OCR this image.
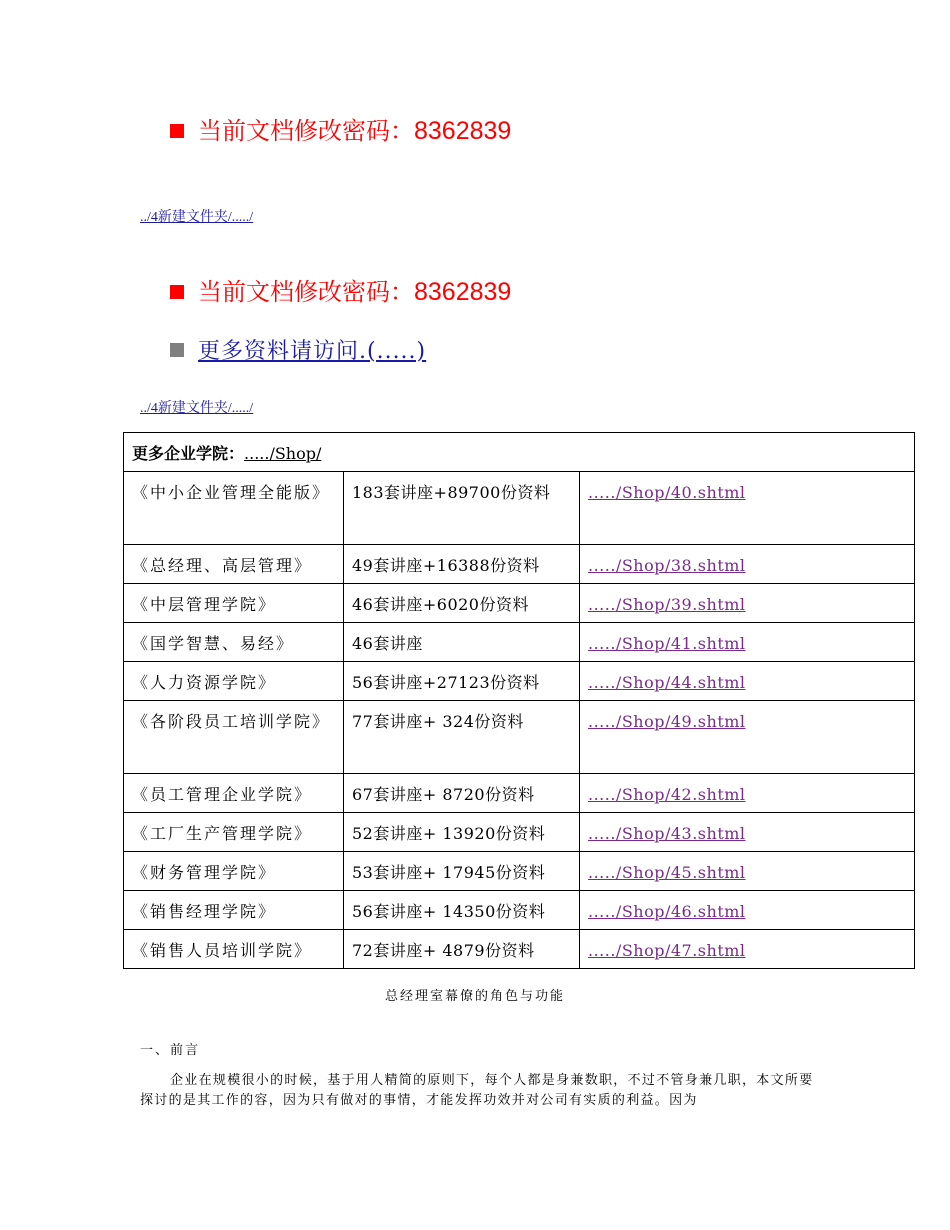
当前文档修改密码：8362839
../4新建文件夹/...../
当前文档修改密码：8362839
更多资料请访问.(.....)
../4新建文件夹/...../
更多企业学院：...../Shop/		
《中小企业管理全能版》	183套讲座+89700份资料	...../Shop/40.shtml
《总经理、高层管理》	49套讲座+16388份资料	...../Shop/38.shtml
《中层管理学院》	46套讲座+6020份资料	...../Shop/39.shtml
《国学智慧、易经》	46套讲座	...../Shop/41.shtml
《人力资源学院》	56套讲座+27123份资料	...../Shop/44.shtml
《各阶段员工培训学院》	77套讲座+ 324份资料	...../Shop/49.shtml
《员工管理企业学院》	67套讲座+ 8720份资料	...../Shop/42.shtml
《工厂生产管理学院》	52套讲座+ 13920份资料	...../Shop/43.shtml
《财务管理学院》	53套讲座+ 17945份资料	...../Shop/45.shtml
《销售经理学院》	56套讲座+ 14350份资料	...../Shop/46.shtml
《销售人员培训学院》	72套讲座+ 4879份资料	...../Shop/47.shtml
总经理室幕僚的角色与功能
一、前言
企业在规模很小的时候，基于用人精简的原则下，每个人都是身兼数职，不过不管身兼几职，本文所要探讨的是其工作的容，因为只有做对的事情，才能发挥功效并对公司有实质的利益。因为
